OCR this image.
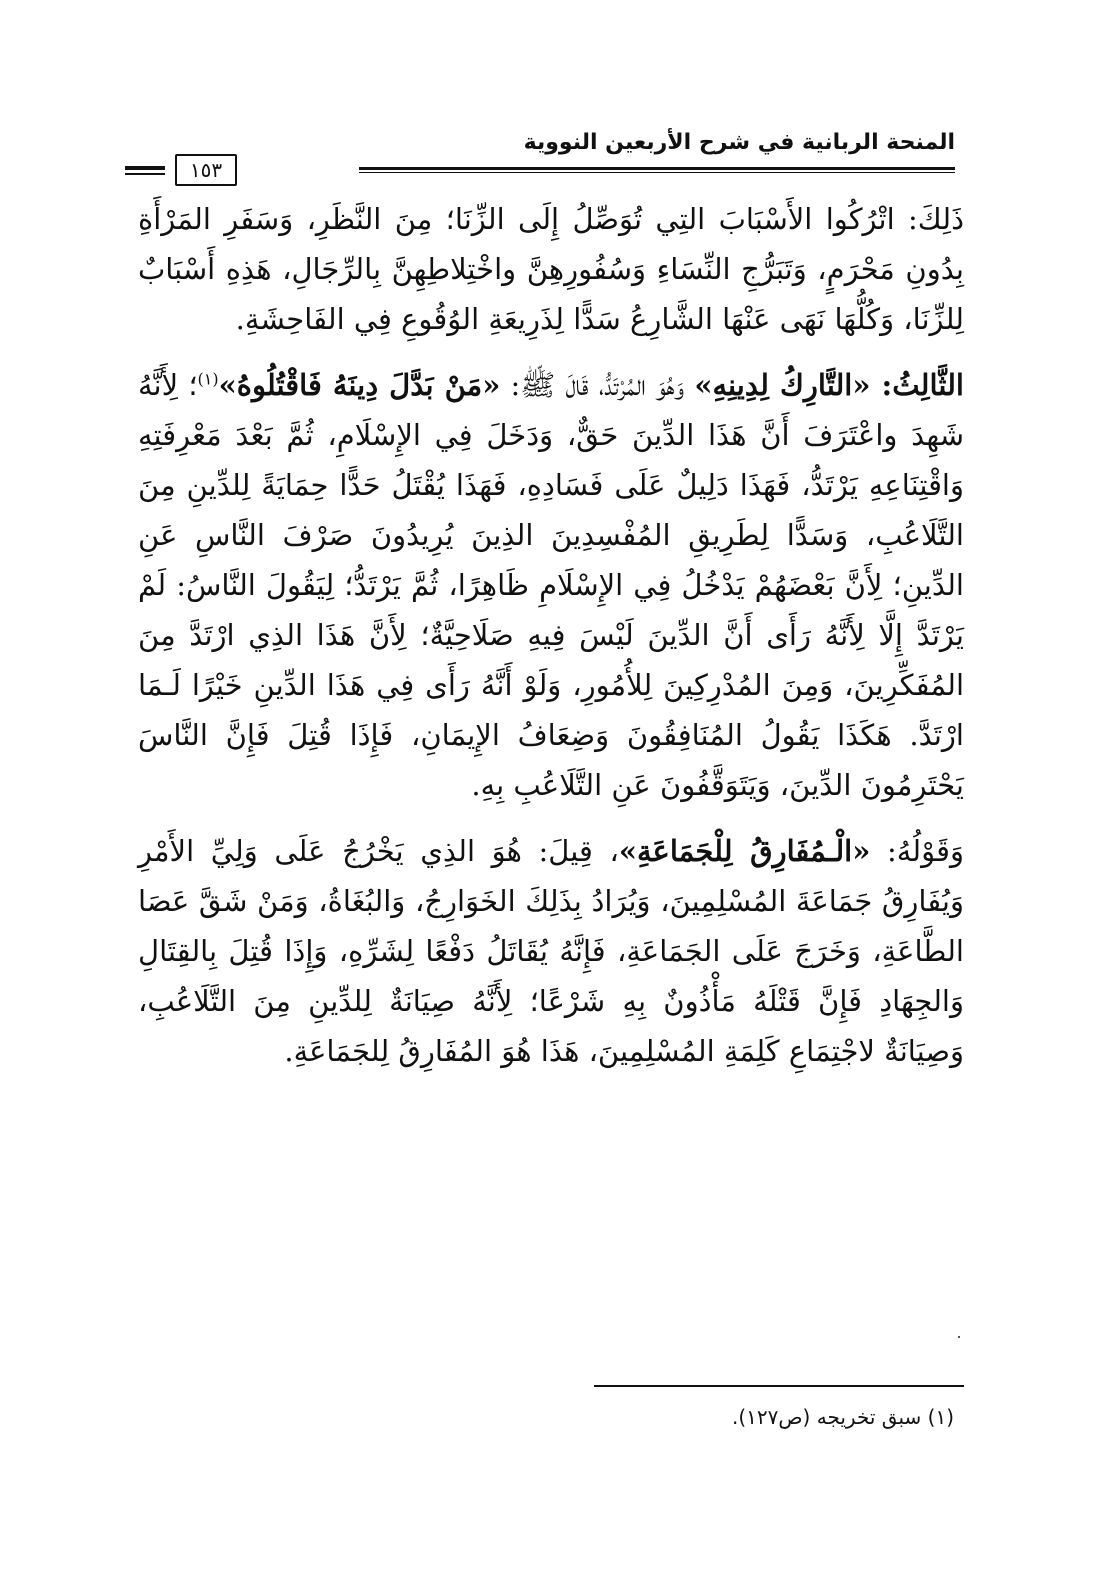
المنحة الربانية في شرح الأربعين النووية
١٥٣

ذَلِكَ: اتْرُكُوا الأَسْبَابَ التِي تُوَصِّلُ إِلَى الزِّنَا؛ مِنَ النَّظَرِ، وَسَفَرِ المَرْأَةِ بِدُونِ مَحْرَمٍ، وَتَبَرُّجِ النِّسَاءِ وَسُفُورِهِنَّ واخْتِلاطِهِنَّ بِالرِّجَالِ، هَذِهِ أَسْبَابٌ لِلزِّنَا، وَكُلُّهَا نَهَى عَنْهَا الشَّارِعُ سَدًّا لِذَرِيعَةِ الوُقُوعِ فِي الفَاحِشَةِ.

الثَّالِثُ: «التَّارِكُ لِدِينِهِ» وَهُوَ المُرْتَدُّ، قَالَ ﷺ: «مَنْ بَدَّلَ دِينَهُ فَاقْتُلُوهُ»$^{(١)}$؛ لِأَنَّهُ شَهِدَ واعْتَرَفَ أَنَّ هَذَا الدِّينَ حَقٌّ، وَدَخَلَ فِي الإِسْلَامِ، ثُمَّ بَعْدَ مَعْرِفَتِهِ وَاقْتِنَاعِهِ يَرْتَدُّ، فَهَذَا دَلِيلٌ عَلَى فَسَادِهِ، فَهَذَا يُقْتَلُ حَدًّا حِمَايَةً لِلدِّينِ مِنَ التَّلَاعُبِ، وَسَدًّا لِطَرِيقِ المُفْسِدِينَ الذِينَ يُرِيدُونَ صَرْفَ النَّاسِ عَنِ الدِّينِ؛ لِأَنَّ بَعْضَهُمْ يَدْخُلُ فِي الإِسْلَامِ ظَاهِرًا، ثُمَّ يَرْتَدُّ؛ لِيَقُولَ النَّاسُ: لَمْ يَرْتَدَّ إِلَّا لِأَنَّهُ رَأَى أَنَّ الدِّينَ لَيْسَ فِيهِ صَلَاحِيَّةٌ؛ لِأَنَّ هَذَا الذِي ارْتَدَّ مِنَ المُفَكِّرِينَ، وَمِنَ المُدْرِكِينَ لِلأُمُورِ، وَلَوْ أَنَّهُ رَأَى فِي هَذَا الدِّينِ خَيْرًا لَـمَا ارْتَدَّ. هَكَذَا يَقُولُ المُنَافِقُونَ وَضِعَافُ الإِيمَانِ، فَإِذَا قُتِلَ فَإِنَّ النَّاسَ يَحْتَرِمُونَ الدِّينَ، وَيَتَوَقَّفُونَ عَنِ التَّلَاعُبِ بِهِ.

وَقَوْلُهُ: «الْـمُفَارِقُ لِلْجَمَاعَةِ»، قِيلَ: هُوَ الذِي يَخْرُجُ عَلَى وَلِيِّ الأَمْرِ وَيُفَارِقُ جَمَاعَةَ المُسْلِمِينَ، وَيُرَادُ بِذَلِكَ الخَوَارِجُ، وَالبُغَاةُ، وَمَنْ شَقَّ عَصَا الطَّاعَةِ، وَخَرَجَ عَلَى الجَمَاعَةِ، فَإِنَّهُ يُقَاتَلُ دَفْعًا لِشَرِّهِ، وَإِذَا قُتِلَ بِالقِتَالِ وَالجِهَادِ فَإِنَّ قَتْلَهُ مَأْذُونٌ بِهِ شَرْعًا؛ لِأَنَّهُ صِيَانَةٌ لِلدِّينِ مِنَ التَّلَاعُبِ، وَصِيَانَةٌ لاجْتِمَاعِ كَلِمَةِ المُسْلِمِينَ، هَذَا هُوَ المُفَارِقُ لِلجَمَاعَةِ.

(١) سبق تخريجه (ص١٢٧).
